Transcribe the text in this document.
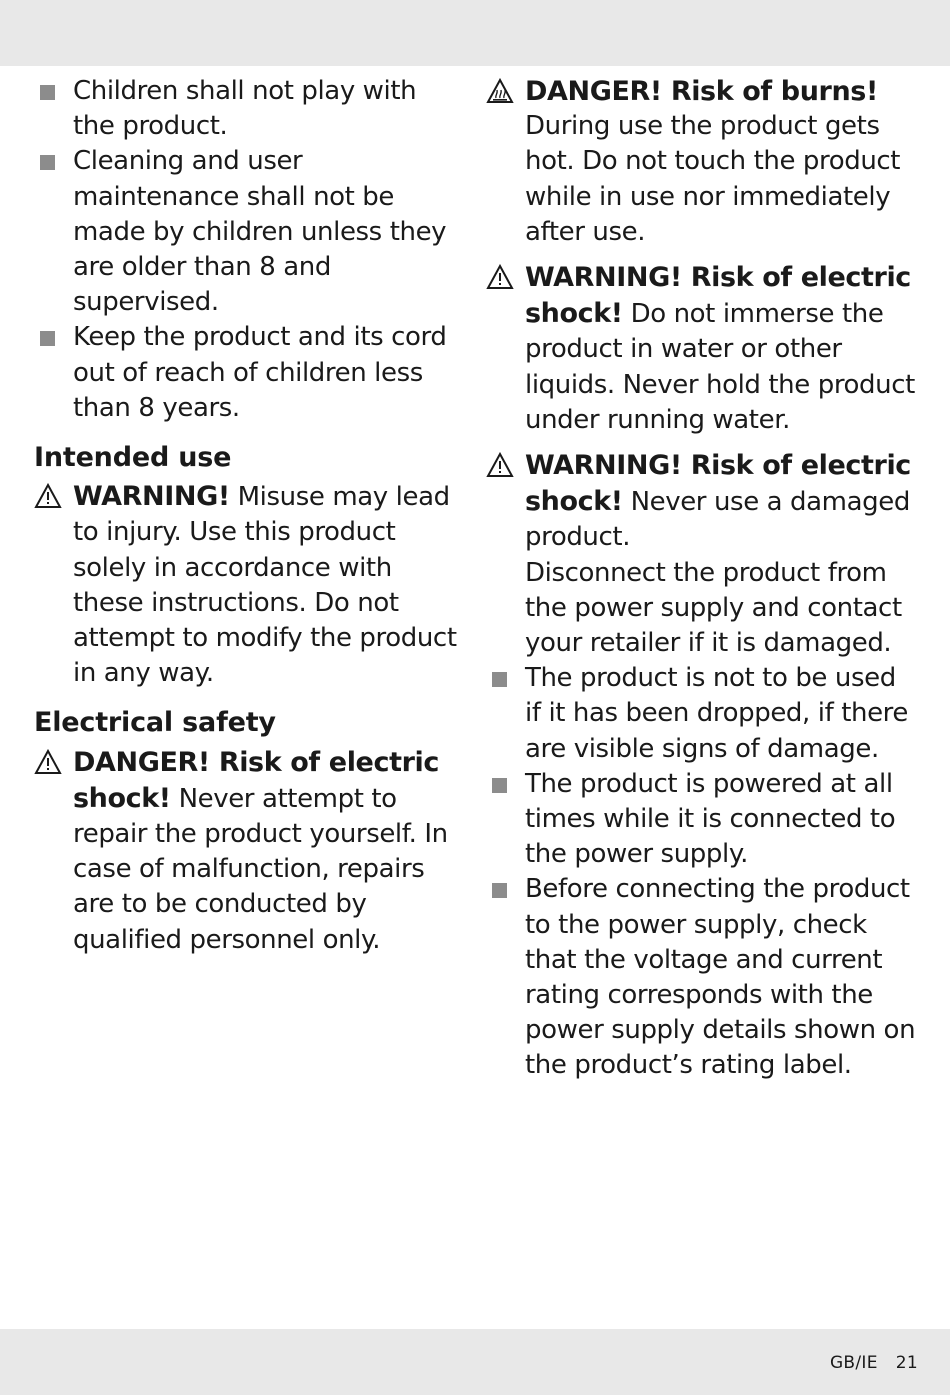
Children shall not play with the product.
Cleaning and user maintenance shall not be made by children unless they are older than 8 and supervised.
Keep the product and its cord out of reach of children less than 8 years.
Intended use
WARNING! Misuse may lead to injury. Use this product solely in accordance with these instructions. Do not attempt to modify the product in any way.
Electrical safety
DANGER! Risk of electric shock! Never attempt to repair the product yourself. In case of malfunction, repairs are to be conducted by qualified personnel only.
DANGER! Risk of burns!
During use the product gets hot. Do not touch the product while in use nor immediately after use.
WARNING! Risk of electric shock! Do not immerse the product in water or other liquids. Never hold the product under running water.
WARNING! Risk of electric shock! Never use a damaged product.
Disconnect the product from the power supply and contact your retailer if it is damaged.
The product is not to be used if it has been dropped, if there are visible signs of damage.
The product is powered at all times while it is connected to the power supply.
Before connecting the product to the power supply, check that the voltage and current rating corresponds with the power supply details shown on the product’s rating label.
GB/IE 21
